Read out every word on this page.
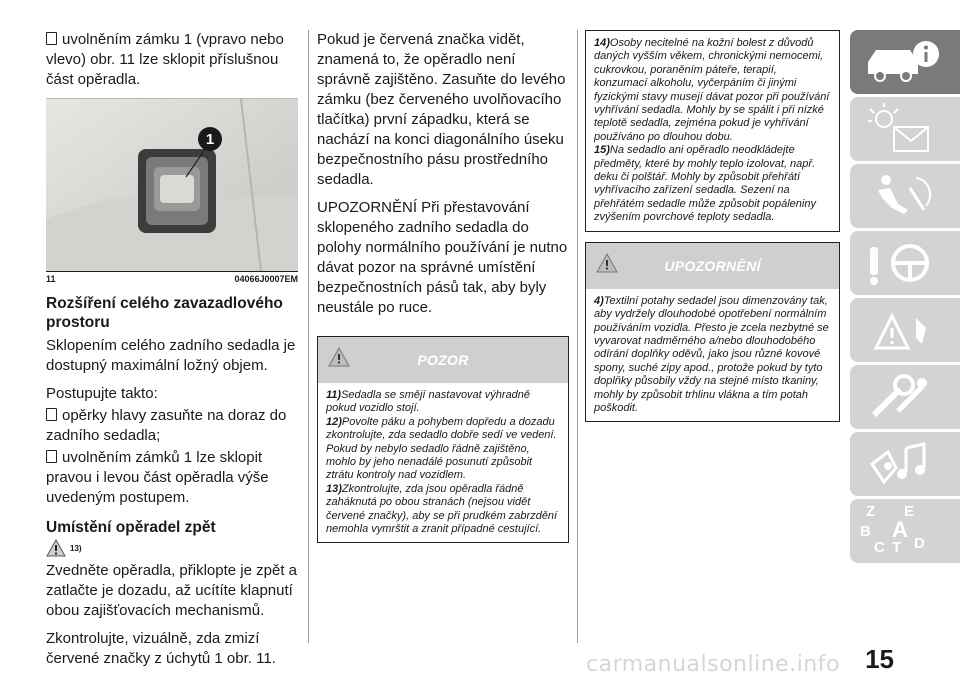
uvolněním zámku 1 (vpravo nebo vlevo) obr. 11 lze sklopit příslušnou část opěradla.

1
11	04066J0007EM
Rozšíření celého zavazadlového prostoru

Sklopením celého zadního sedadla je dostupný maximální ložný objem.

Postupujte takto:

opěrky hlavy zasuňte na doraz do zadního sedadla;

uvolněním zámků 1 lze sklopit pravou i levou část opěradla výše uvedeným postupem.

Umístění opěradel zpět
13)

Zvedněte opěradla, přiklopte je zpět a zatlačte je dozadu, až ucítíte klapnutí obou zajišťovacích mechanismů.

Zkontrolujte, vizuálně, zda zmizí červené značky z úchytů 1 obr. 11.

Pokud je červená značka vidět, znamená to, že opěradlo není správně zajištěno. Zasuňte do levého zámku (bez červeného uvolňovacího tlačítka) první západku, která se nachází na konci diagonálního úseku bezpečnostního pásu prostředního sedadla.

UPOZORNĚNÍ Při přestavování sklopeného zadního sedadla do polohy normálního používání je nutno dávat pozor na správné umístění bezpečnostních pásů tak, aby byly neustále po ruce.

POZOR
11)Sedadla se smějí nastavovat výhradně pokud vozidlo stojí.
12)Povolte páku a pohybem dopředu a dozadu zkontrolujte, zda sedadlo dobře sedí ve vedení. Pokud by nebylo sedadlo řádně zajištěno, mohlo by jeho nenadálé posunutí způsobit ztrátu kontroly nad vozidlem.
13)Zkontrolujte, zda jsou opěradla řádně zaháknutá po obou stranách (nejsou vidět červené značky), aby se při prudkém zabrzdění nemohla vymrštit a zranit případné cestující.
14)Osoby necitelné na kožní bolest z důvodů daných vyšším věkem, chronickými nemocemi, cukrovkou, poraněním páteře, terapií, konzumací alkoholu, vyčerpáním či jinými fyzickými stavy musejí dávat pozor při používání vyhřívání sedadla. Mohly by se spálit i při nízké teplotě sedadla, zejména pokud je vyhřívání používáno po dlouhou dobu.
15)Na sedadlo ani opěradlo neodkládejte předměty, které by mohly teplo izolovat, např. deku či polštář. Mohly by způsobit přehřátí vyhřívacího zařízení sedadla. Sezení na přehřátém sedadle může způsobit popáleniny zvýšením povrchové teploty sedadla.
UPOZORNĚNÍ
4)Textilní potahy sedadel jsou dimenzovány tak, aby vydržely dlouhodobé opotřebení normálním používáním vozidla. Přesto je zcela nezbytné se vyvarovat nadměrného a/nebo dlouhodobého odírání doplňky oděvů, jako jsou různé kovové spony, suché zipy apod., protože pokud by tyto doplňky působily vždy na stejné místo tkaniny, mohly by způsobit trhlinu vlákna a tím potah poškodit.
Z E
B A
C T D
15
carmanualsonline.info
